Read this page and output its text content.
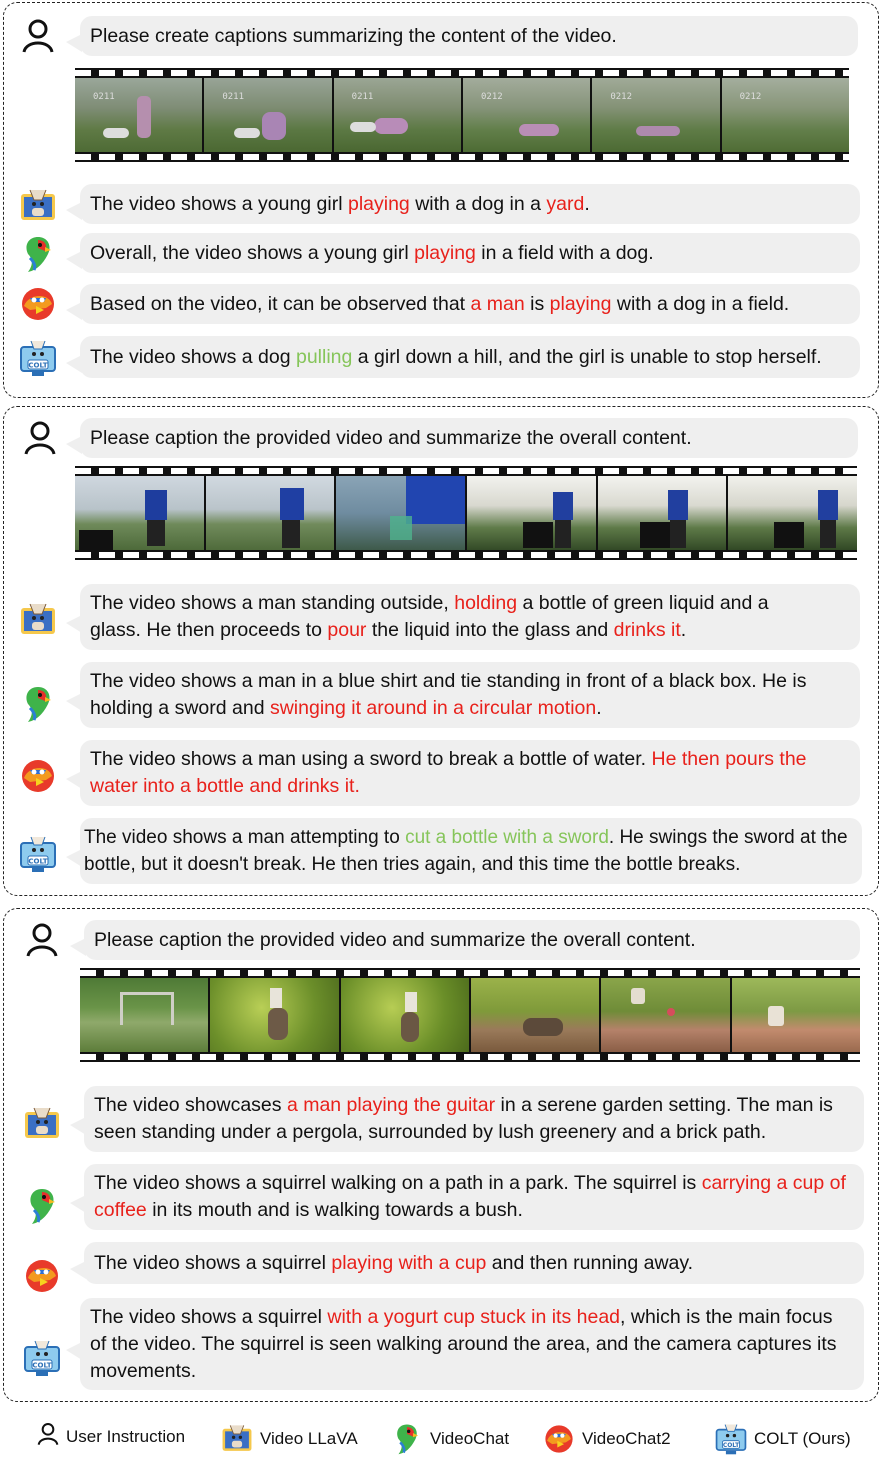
Please create captions summarizing the content of the video.
0211	0211	0211	0212	0212	0212
The video shows a young girl playing with a dog in a yard.
Overall, the video shows a young girl playing in a field with a dog.
Based on the video, it can be observed that a man is playing with a dog in a field.
The video shows a dog pulling a girl down a hill, and the girl is unable to stop herself.
COLT
Please caption the provided video and summarize the overall content.
The video shows a man standing outside, holding a bottle of green liquid and a glass. He then proceeds to pour the liquid into the glass and drinks it.
The video shows a man in a blue shirt and tie standing in front of a black box. He is holding a sword and swinging it around in a circular motion.
The video shows a man using a sword to break a bottle of water. He then pours the water into a bottle and drinks it.
The video shows a man attempting to cut a bottle with a sword. He swings the sword at the bottle, but it doesn't break. He then tries again, and this time the bottle breaks.
COLT
Please caption the provided video and summarize the overall content.
The video showcases a man playing the guitar in a serene garden setting. The man is seen standing under a pergola, surrounded by lush greenery and a brick path.
The video shows a squirrel walking on a path in a park. The squirrel is carrying a cup of coffee in its mouth and is walking towards a bush.
The video shows a squirrel playing with a cup and then running away.
The video shows a squirrel with a yogurt cup stuck in its head, which is the main focus of the video. The squirrel is seen walking around the area, and the camera captures its movements.
COLT
User Instruction	Video LLaVA	VideoChat	VideoChat2	COLT COLT (Ours)
